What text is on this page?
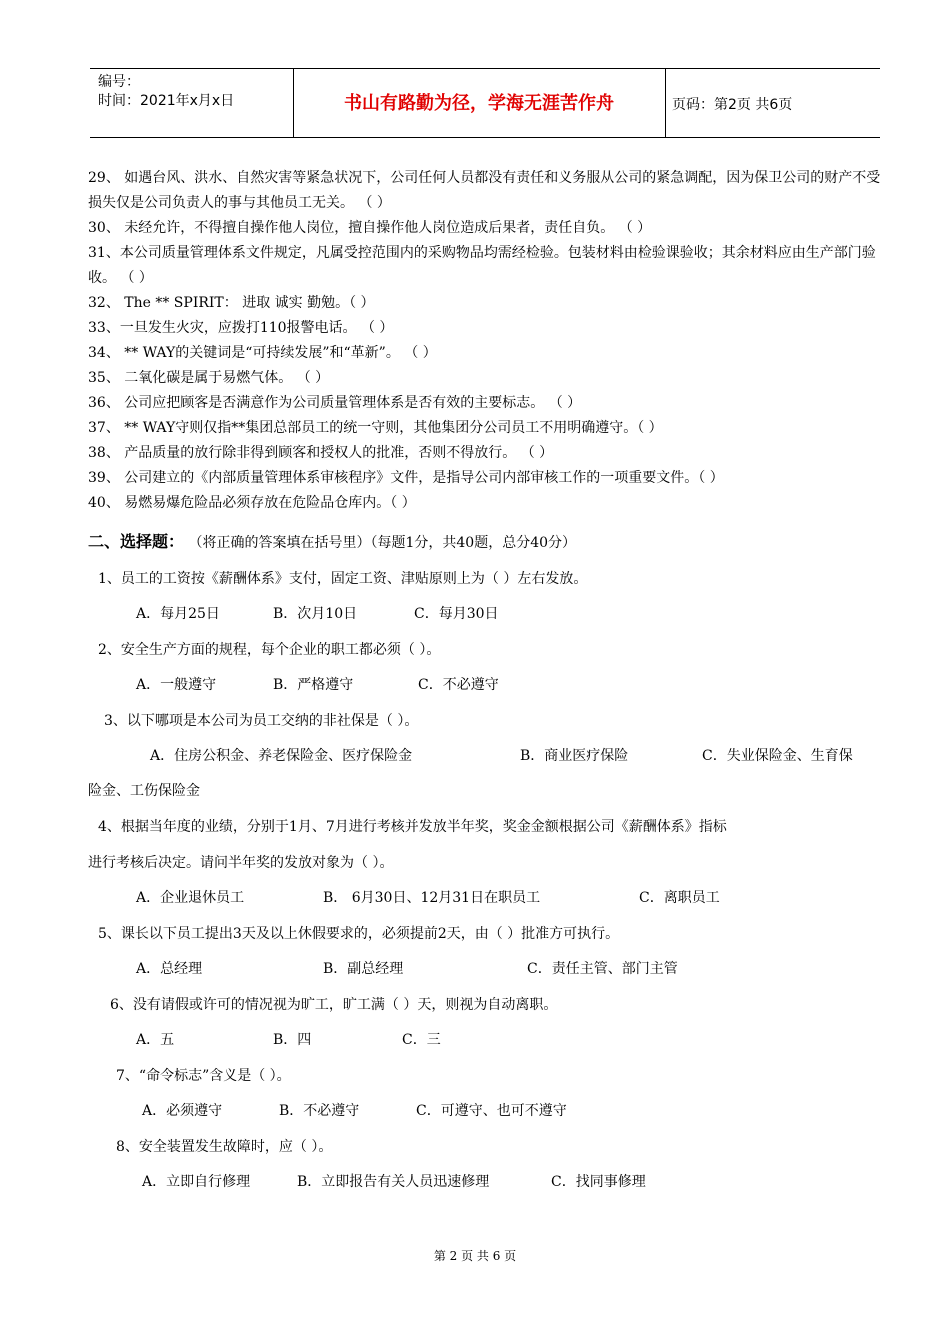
编号：
时间：2021年x月x日	书山有路勤为径，学海无涯苦作舟	页码：第2页 共6页

29、 如遇台风、洪水、自然灾害等紧急状况下，公司任何人员都没有责任和义务服从公司的紧急调配，因为保卫公司的财产不受损失仅是公司负责人的事与其他员工无关。 （ ）

30、 未经允许，不得擅自操作他人岗位，擅自操作他人岗位造成后果者，责任自负。 （ ）

31、本公司质量管理体系文件规定，凡属受控范围内的采购物品均需经检验。包装材料由检验课验收；其余材料应由生产部门验收。 （ ）

32、 The ** SPIRIT： 进取 诚实 勤勉。（ ）

33、一旦发生火灾，应拨打110报警电话。 （ ）

34、 ** WAY的关键词是“可持续发展”和“革新”。 （ ）

35、 二氧化碳是属于易燃气体。 （ ）

36、 公司应把顾客是否满意作为公司质量管理体系是否有效的主要标志。 （ ）

37、 ** WAY守则仅指**集团总部员工的统一守则，其他集团分公司员工不用明确遵守。（ ）

38、 产品质量的放行除非得到顾客和授权人的批准，否则不得放行。 （ ）

39、 公司建立的《内部质量管理体系审核程序》文件，是指导公司内部审核工作的一项重要文件。（ ）

40、 易燃易爆危险品必须存放在危险品仓库内。（ ）

二、选择题： （将正确的答案填在括号里）（每题1分，共40题，总分40分）
1、员工的工资按《薪酬体系》支付，固定工资、津贴原则上为（ ）左右发放。
A．每月25日	B．次月10日	C．每月30日
2、安全生产方面的规程，每个企业的职工都必须（ ）。
A．一般遵守	B．严格遵守	C．不必遵守
3、以下哪项是本公司为员工交纳的非社保是（ ）。
A．住房公积金、养老保险金、医疗保险金	B．商业医疗保险	C．失业保险金、生育保
险金、工伤保险金
4、根据当年度的业绩，分别于1月、7月进行考核并发放半年奖，奖金金额根据公司《薪酬体系》指标
进行考核后决定。请问半年奖的发放对象为（ ）。
A．企业退休员工	B． 6月30日、12月31日在职员工	C．离职员工
5、课长以下员工提出3天及以上休假要求的，必须提前2天，由（ ）批准方可执行。
A．总经理	B．副总经理	C．责任主管、部门主管
6、没有请假或许可的情况视为旷工，旷工满（ ）天，则视为自动离职。
A．五	B．四	C．三
7、“命令标志”含义是（ ）。
A．必须遵守	B．不必遵守	C．可遵守、也可不遵守
8、安全装置发生故障时，应（ ）。
A．立即自行修理	B．立即报告有关人员迅速修理	C．找同事修理
第 2 页 共 6 页
